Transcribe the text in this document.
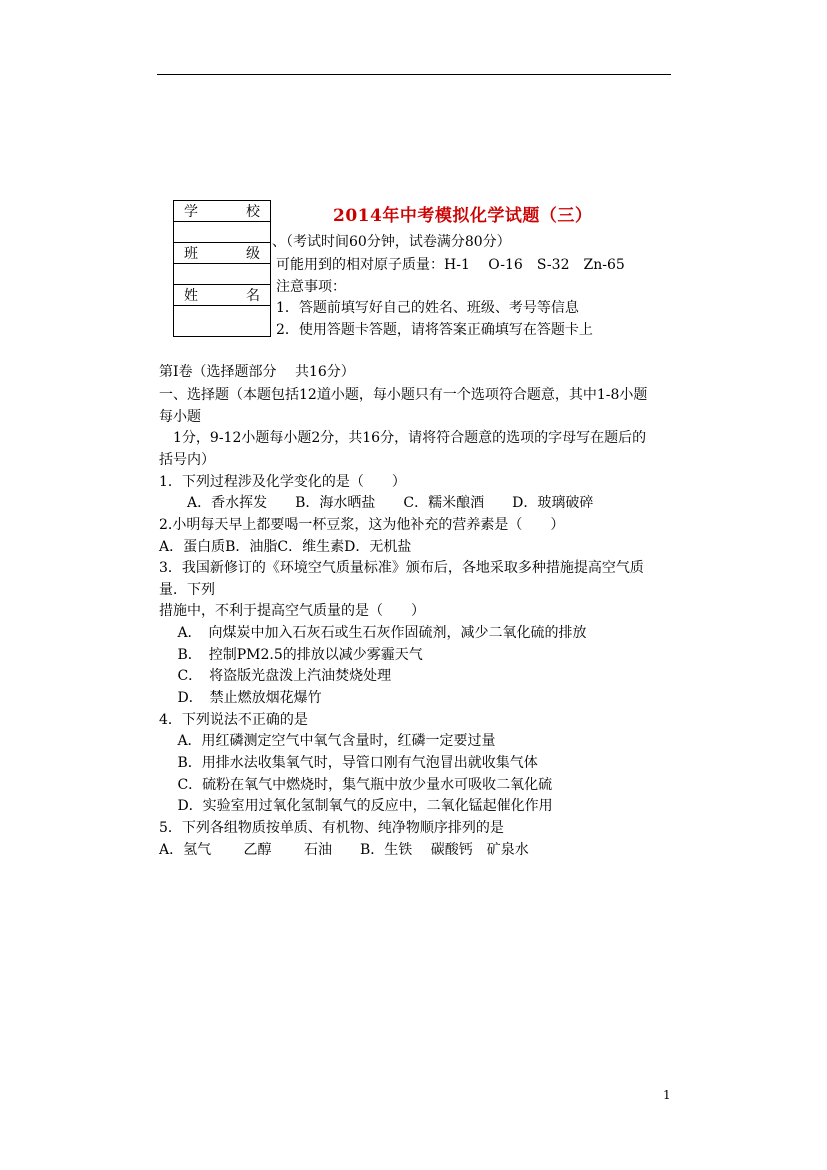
学	校

班	级

姓	名

2014年中考模拟化学试题（三）
、（考试时间60分钟，试卷满分80分）
可能用到的相对原子质量：H-1　 O-16　S-32　Zn-65
注意事项：
1．答题前填写好自己的姓名、班级、考号等信息
2．使用答题卡答题，请将答案正确填写在答题卡上
第Ⅰ卷（选择题部分　 共16分）
一、选择题（本题包括12道小题，每小题只有一个选项符合题意，其中1-8小题
每小题
　1分，9-12小题每小题2分，共16分，请将符合题意的选项的字母写在题后的
括号内）
1．下列过程涉及化学变化的是（　　）
　　A．香水挥发　　B．海水晒盐　　C．糯米酿酒　　D．玻璃破碎
2.小明每天早上都要喝一杯豆浆，这为他补充的营养素是（　　）
A．蛋白质B．油脂C．维生素D．无机盐
3．我国新修订的《环境空气质量标准》颁布后，各地采取多种措施提高空气质
量．下列
措施中，不利于提高空气质量的是（　　）
　 A．　向煤炭中加入石灰石或生石灰作固硫剂，减少二氧化硫的排放
　 B．　控制PM2.5的排放以减少雾霾天气
　 C．　将盗版光盘泼上汽油焚烧处理
　 D．　禁止燃放烟花爆竹
4．下列说法不正确的是
　 A．用红磷测定空气中氧气含量时，红磷一定要过量
　 B．用排水法收集氧气时，导管口刚有气泡冒出就收集气体
　 C．硫粉在氧气中燃烧时，集气瓶中放少量水可吸收二氧化硫
　 D．实验室用过氧化氢制氧气的反应中，二氧化锰起催化作用
5．下列各组物质按单质、有机物、纯净物顺序排列的是
A．氢气　　 乙醇　　 石油　　B．生铁　 碳酸钙　矿泉水
1
